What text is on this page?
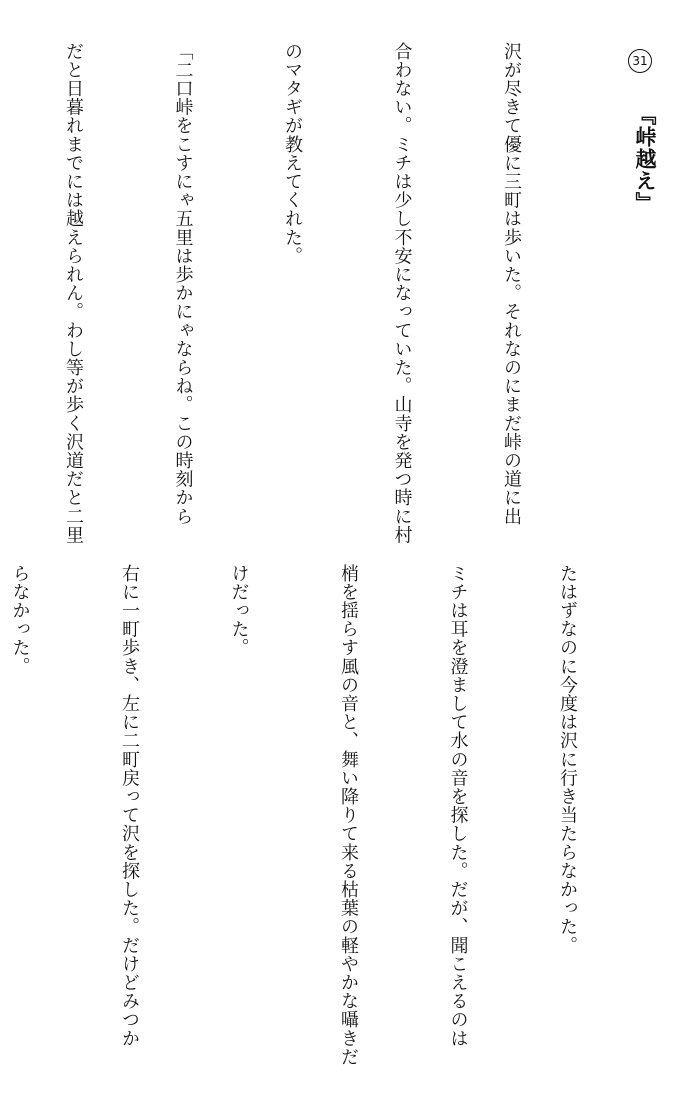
31
『峠越え』

沢が尽きて優に三町は歩いた。それなのにまだ峠の道に出

合わない。ミチは少し不安になっていた。山寺を発つ時に村

のマタギが教えてくれた。

「二口峠をこすにゃ五里は歩かにゃならね。この時刻から

だと日暮れまでには越えられん。わし等が歩く沢道だと二里

たはずなのに今度は沢に行き当たらなかった。

ミチは耳を澄まして水の音を探した。だが、聞こえるのは

梢を揺らす風の音と、舞い降りて来る枯葉の軽やかな囁きだ

けだった。

右に一町歩き、左に二町戻って沢を探した。だけどみつか

らなかった。
